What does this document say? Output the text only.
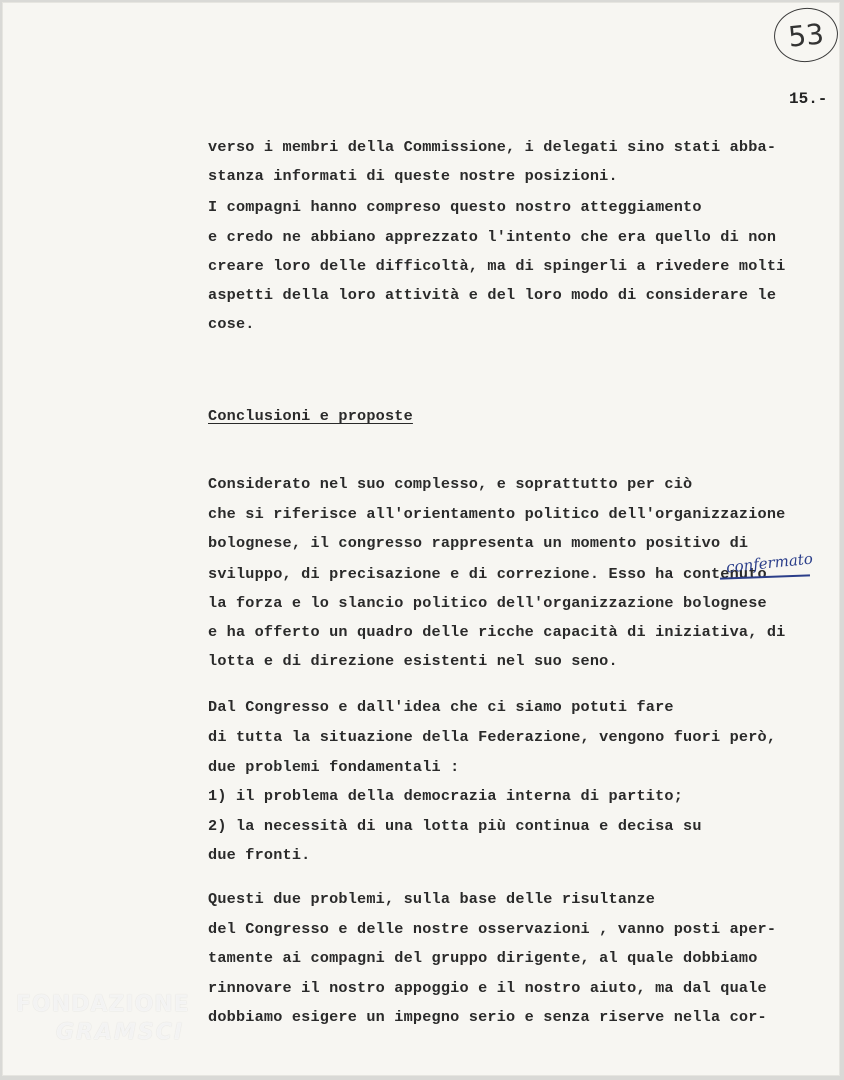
53
15.-
verso i membri della Commissione, i delegati sino stati abba-
stanza informati di queste nostre posizioni.
I compagni hanno compreso questo nostro atteggiamento
e credo ne abbiano apprezzato l'intento che era quello di non
creare loro delle difficoltà, ma di spingerli a rivedere molti
aspetti della loro attività e del loro modo di considerare le
cose.
Conclusioni e proposte
Considerato nel suo complesso, e soprattutto per ciò
che si riferisce all'orientamento politico dell'organizzazione
bolognese, il congresso rappresenta un momento positivo di
sviluppo, di precisazione e di correzione. Esso ha contenuto
la forza e lo slancio politico dell'organizzazione bolognese
e ha offerto un quadro delle ricche capacità di iniziativa, di
lotta e di direzione esistenti nel suo seno.
Dal Congresso e dall'idea che ci siamo potuti fare
di tutta la situazione della Federazione, vengono fuori però,
due problemi fondamentali :
1) il problema della democrazia interna di partito;
2) la necessità di una lotta più continua e decisa su
due fronti.
Questi due problemi, sulla base delle risultanze
del Congresso e delle nostre osservazioni , vanno posti aper-
tamente ai compagni del gruppo dirigente, al quale dobbiamo
rinnovare il nostro appoggio e il nostro aiuto, ma dal quale
dobbiamo esigere un impegno serio e senza riserve nella cor-
confermato
FONDAZIONE
GRAMSCI
